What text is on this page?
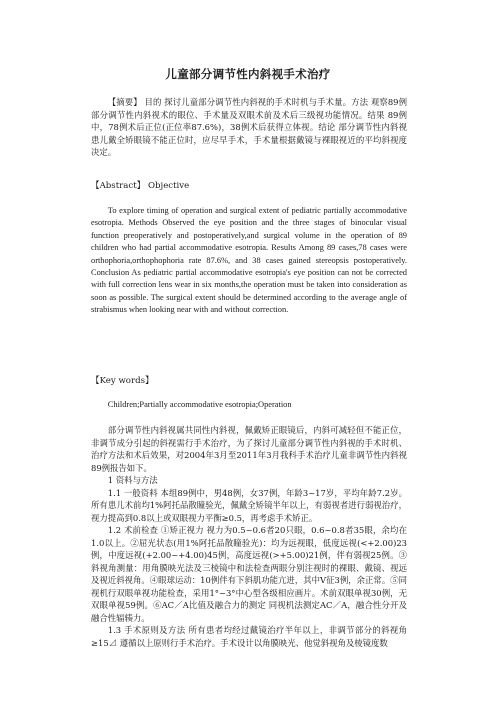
儿童部分调节性内斜视手术治疗

【摘要】 目的 探讨儿童部分调节性内斜视的手术时机与手术量。方法 观察89例部分调节性内斜视术的眼位、手术量及双眼术前及术后三级视功能情况。结果 89例中，78例术后正位(正位率87.6%)，38例术后获得立体视。结论 部分调节性内斜视患儿戴全矫眼镜不能正位时，应尽早手术，手术量根据戴镜与裸眼视近的平均斜视度决定。

【Abstract】 Objective

To explore timing of operation and surgical extent of pediatric partially accommodative esotropia. Methods Observed the eye position and the three stages of binocular visual function preoperatively and postoperatively,and surgical volume in the operation of 89 children who had partial accommodative esotropia. Results Among 89 cases,78 cases were orthophoria,orthophophoria rate 87.6%, and 38 cases gained stereopsis postoperatively. Conclusion As pediatric partial accommodative esotropia's eye position can not be corrected with full correction lens wear in six months,the operation must be taken into consideration as soon as possible. The surgical extent should be determined according to the average angle of strabismus when looking near with and without correction.

【Key words】

Children;Partially accommodative esotropia;Operation

部分调节性内斜视属共同性内斜视，佩戴矫正眼镜后，内斜可减轻但不能正位，非调节成分引起的斜视需行手术治疗，为了探讨儿童部分调节性内斜视的手术时机、治疗方法和术后效果，对2004年3月至2011年3月我科手术治疗儿童非调节性内斜视89例报告如下。

1 资料与方法

1.1 一般资料 本组89例中，男48例，女37例，年龄3~17岁，平均年龄7.2岁。所有患儿术前均1%阿托品散瞳验光，佩戴全矫镜半年以上，有弱视者进行弱视治疗，视力提高到0.8以上或双眼视力平衡≥0.5，再考虑手术矫正。

1.2 术前检查 ①矫正视力 视力为0.5~0.6者20只眼，0.6~0.8者35眼，余均在1.0以上。②屈光状态(用1%阿托品散瞳验光)：均为远视眼，低度远视(<+2.00)23例，中度远视(+2.00~+4.00)45例，高度远视(>+5.00)21例，伴有弱视25例。③斜视角测量：用角膜映光法及三棱镜中和法检查两眼分别注视时的裸眼、戴镜、视远及视近斜视角。④眼球运动：10例伴有下斜肌功能亢进，其中V征3例，余正常。⑤同视机行双眼单视功能检查，采用1°~3°中心型各级相应画片。术前双眼单视30例，无双眼单视59例。⑥AC／A比值及融合力的测定 同视机法测定AC／A，融合性分开及融合性辐辏力。

1.3 手术原则及方法 所有患者均经过戴镜治疗半年以上，非调节部分的斜视角≥15⊿ 遵循以上原则行手术治疗。手术设计以角膜映光、他觉斜视角及棱镜度数
